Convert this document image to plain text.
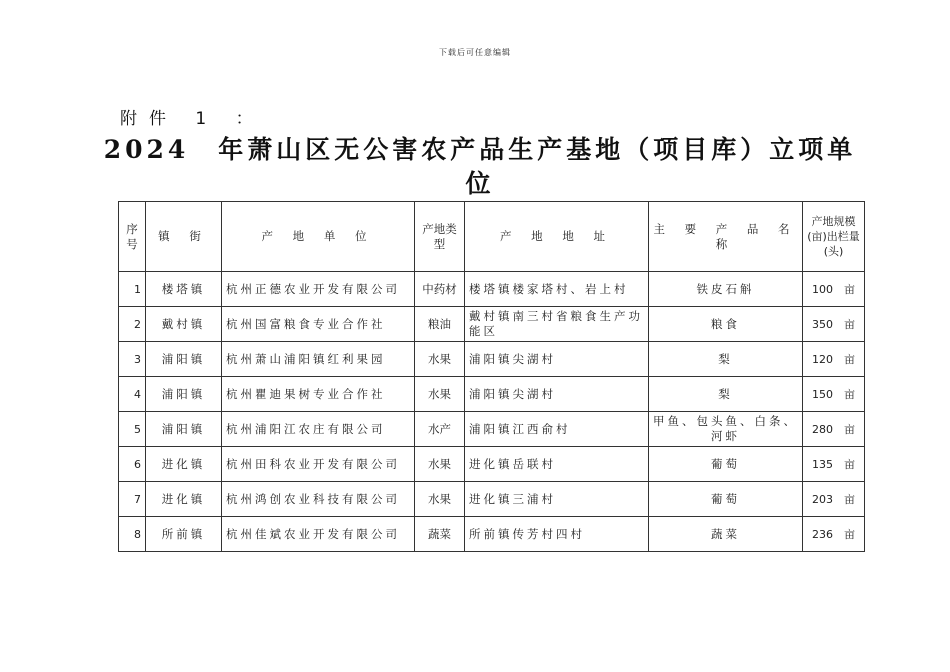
下载后可任意编辑
附件 1 ：
2024　年萧山区无公害农产品生产基地（项目库）立项单位
序号	镇 街	产 地 单 位	产地类型	产 地 地 址	主 要 产 品 名 称	产地规模(亩)出栏量(头)
1	楼塔镇	杭州正德农业开发有限公司	中药材	楼塔镇楼家塔村、岩上村	铁皮石斛	100　亩
2	戴村镇	杭州国富粮食专业合作社	粮油	戴村镇南三村省粮食生产功能区	粮食	350　亩
3	浦阳镇	杭州萧山浦阳镇红利果园	水果	浦阳镇尖湖村	梨	120　亩
4	浦阳镇	杭州瞿迪果树专业合作社	水果	浦阳镇尖湖村	梨	150　亩
5	浦阳镇	杭州浦阳江农庄有限公司	水产	浦阳镇江西俞村	甲鱼、包头鱼、白条、河虾	280　亩
6	进化镇	杭州田科农业开发有限公司	水果	进化镇岳联村	葡萄	135　亩
7	进化镇	杭州鸿创农业科技有限公司	水果	进化镇三浦村	葡萄	203　亩
8	所前镇	杭州佳斌农业开发有限公司	蔬菜	所前镇传芳村四村	蔬菜	236　亩
